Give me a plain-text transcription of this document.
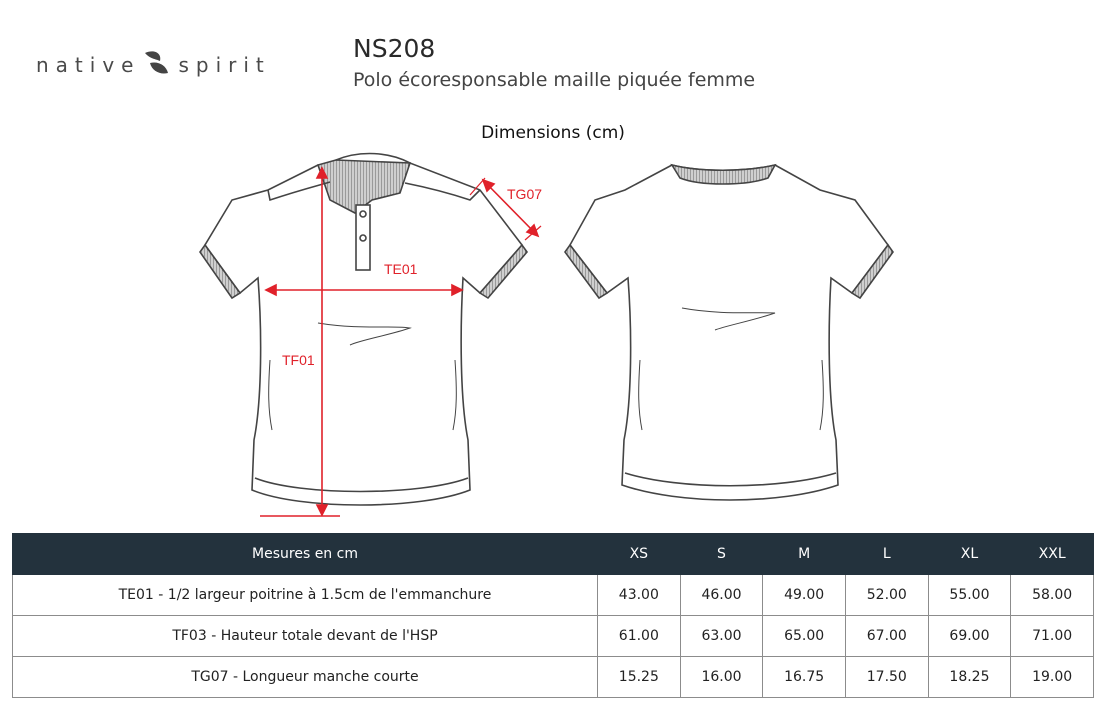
native spirit
NS208
Polo écoresponsable maille piquée femme
Dimensions (cm)
TE01
TF01
TG07
Mesures en cm	XS	S	M	L	XL	XXL
TE01 - 1/2 largeur poitrine à 1.5cm de l'emmanchure	43.00	46.00	49.00	52.00	55.00	58.00
TF03 - Hauteur totale devant de l'HSP	61.00	63.00	65.00	67.00	69.00	71.00
TG07 - Longueur manche courte	15.25	16.00	16.75	17.50	18.25	19.00
